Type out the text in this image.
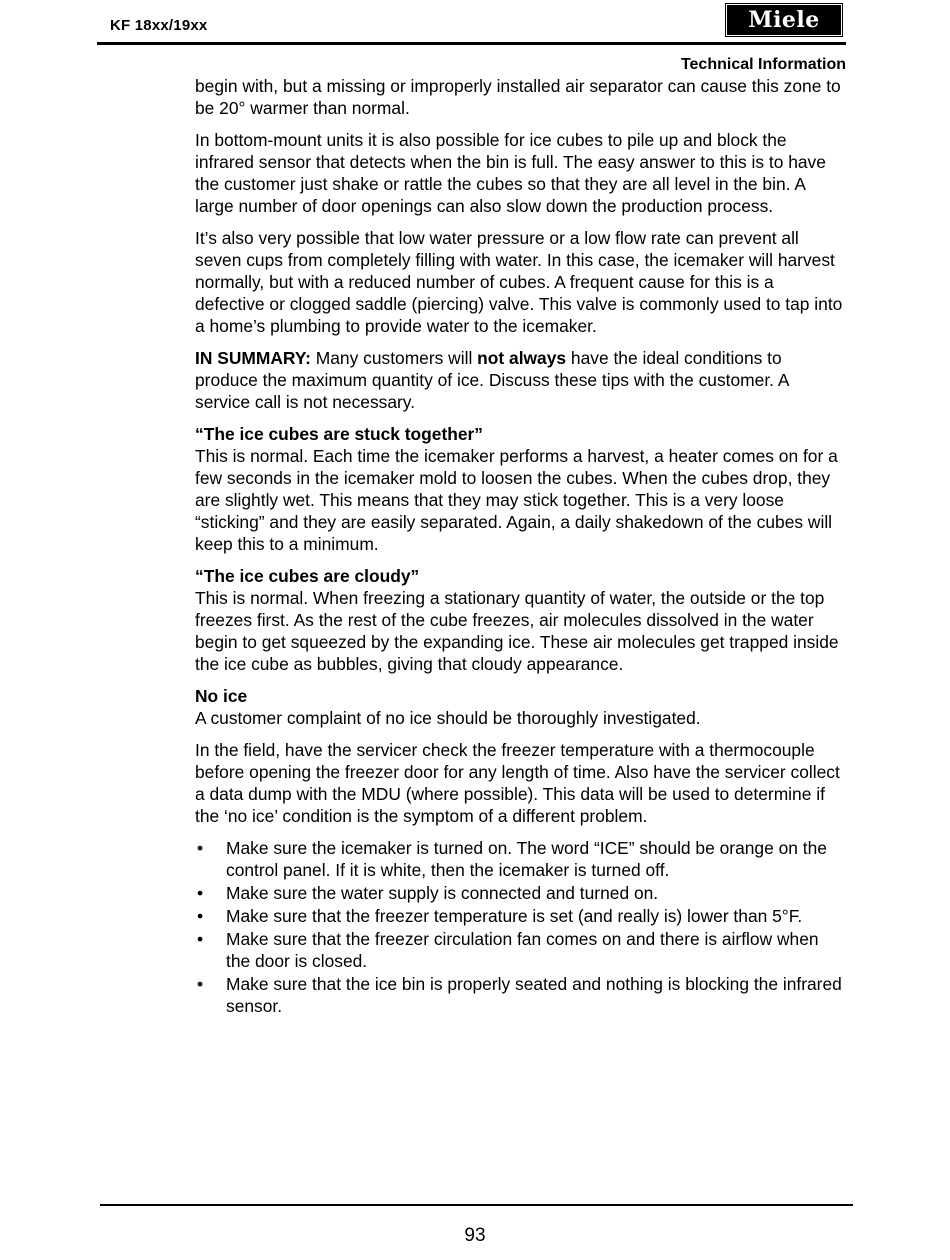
KF 18xx/19xx	Miele
Technical Information

begin with, but a missing or improperly installed air separator can cause this zone to be 20° warmer than normal.

In bottom-mount units it is also possible for ice cubes to pile up and block the infrared sensor that detects when the bin is full. The easy answer to this is to have the customer just shake or rattle the cubes so that they are all level in the bin. A large number of door openings can also slow down the production process.

It’s also very possible that low water pressure or a low flow rate can prevent all seven cups from completely filling with water. In this case, the icemaker will harvest normally, but with a reduced number of cubes. A frequent cause for this is a defective or clogged saddle (piercing) valve. This valve is commonly used to tap into a home’s plumbing to provide water to the icemaker.

IN SUMMARY: Many customers will not always have the ideal conditions to produce the maximum quantity of ice. Discuss these tips with the customer. A service call is not necessary.

“The ice cubes are stuck together”
This is normal. Each time the icemaker performs a harvest, a heater comes on for a few seconds in the icemaker mold to loosen the cubes. When the cubes drop, they are slightly wet. This means that they may stick together. This is a very loose “sticking” and they are easily separated. Again, a daily shakedown of the cubes will keep this to a minimum.

“The ice cubes are cloudy”
This is normal. When freezing a stationary quantity of water, the outside or the top freezes first. As the rest of the cube freezes, air molecules dissolved in the water begin to get squeezed by the expanding ice. These air molecules get trapped inside the ice cube as bubbles, giving that cloudy appearance.

No ice
A customer complaint of no ice should be thoroughly investigated.

In the field, have the servicer check the freezer temperature with a thermocouple before opening the freezer door for any length of time. Also have the servicer collect a data dump with the MDU (where possible). This data will be used to determine if the ‘no ice’ condition is the symptom of a different problem.

• Make sure the icemaker is turned on. The word “ICE” should be orange on the control panel. If it is white, then the icemaker is turned off.
• Make sure the water supply is connected and turned on.
• Make sure that the freezer temperature is set (and really is) lower than 5°F.
• Make sure that the freezer circulation fan comes on and there is airflow when the door is closed.
• Make sure that the ice bin is properly seated and nothing is blocking the infrared sensor.
93
